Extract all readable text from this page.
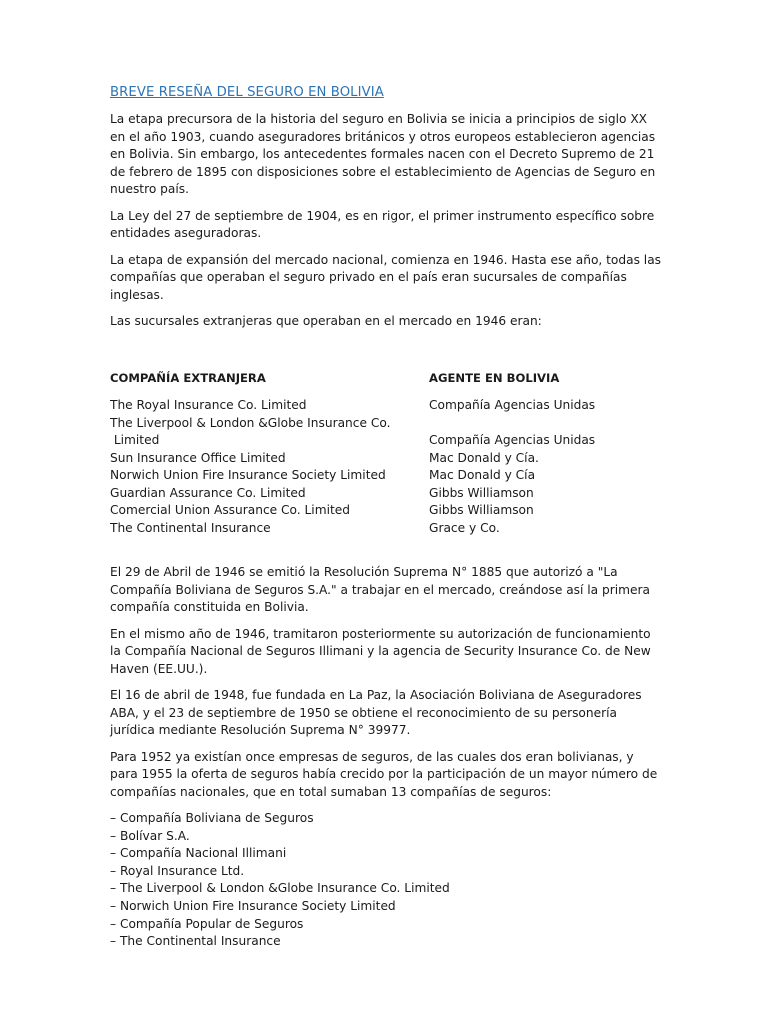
BREVE RESEÑA DEL SEGURO EN BOLIVIA

La etapa precursora de la historia del seguro en Bolivia se inicia a principios de siglo XX en el año 1903, cuando aseguradores británicos y otros europeos establecieron agencias en Bolivia. Sin embargo, los antecedentes formales nacen con el Decreto Supremo de 21 de febrero de 1895 con disposiciones sobre el establecimiento de Agencias de Seguro en nuestro país.

La Ley del 27 de septiembre de 1904, es en rigor, el primer instrumento específico sobre entidades aseguradoras.

La etapa de expansión del mercado nacional, comienza en 1946. Hasta ese año, todas las compañías que operaban el seguro privado en el país eran sucursales de compañías inglesas.

Las sucursales extranjeras que operaban en el mercado en 1946 eran:

COMPAÑÍA EXTRANJERA	AGENTE EN BOLIVIA
The Royal Insurance Co. Limited	Compañía Agencias Unidas
The Liverpool & London &Globe Insurance Co.
Limited	Compañía Agencias Unidas
Sun Insurance Office Limited	Mac Donald y Cía.
Norwich Union Fire Insurance Society Limited	Mac Donald y Cía
Guardian Assurance Co. Limited	Gibbs Williamson
Comercial Union Assurance Co. Limited	Gibbs Williamson
The Continental Insurance	Grace y Co.

El 29 de Abril de 1946 se emitió la Resolución Suprema N° 1885 que autorizó a "La Compañía Boliviana de Seguros S.A." a trabajar en el mercado, creándose así la primera compañía constituida en Bolivia.

En el mismo año de 1946, tramitaron posteriormente su autorización de funcionamiento la Compañía Nacional de Seguros Illimani y la agencia de Security Insurance Co. de New Haven (EE.UU.).

El 16 de abril de 1948, fue fundada en La Paz, la Asociación Boliviana de Aseguradores ABA, y el 23 de septiembre de 1950 se obtiene el reconocimiento de su personería jurídica mediante Resolución Suprema N° 39977.

Para 1952 ya existían once empresas de seguros, de las cuales dos eran bolivianas, y para 1955 la oferta de seguros había crecido por la participación de un mayor número de compañías nacionales, que en total sumaban 13 compañías de seguros:

– Compañía Boliviana de Seguros
– Bolívar S.A.
– Compañía Nacional Illimani
– Royal Insurance Ltd.
– The Liverpool & London &Globe Insurance Co. Limited
– Norwich Union Fire Insurance Society Limited
– Compañía Popular de Seguros
– The Continental Insurance
